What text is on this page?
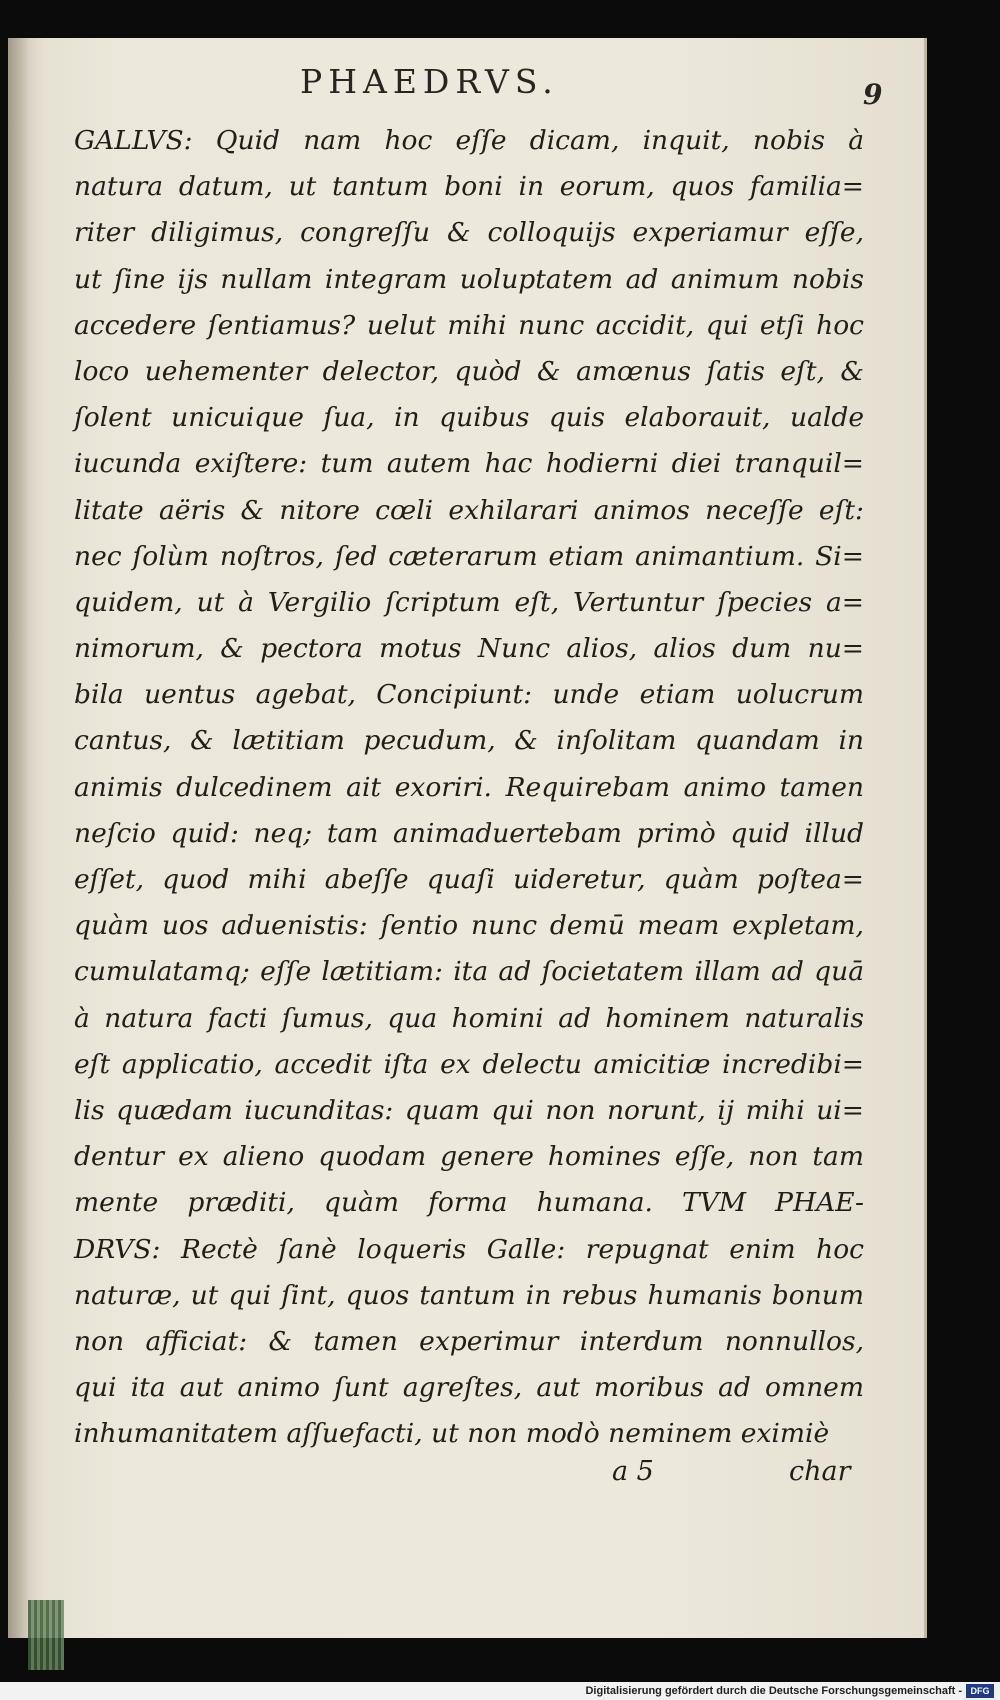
PHAEDRVS.	9
GALLVS: Quid nam hoc eſſe dicam, inquit, nobis à
natura datum, ut tantum boni in eorum, quos familia=
riter diligimus, congreſſu & colloquijs experiamur eſſe,
ut ſine ijs nullam integram uoluptatem ad animum nobis
accedere ſentiamus? uelut mihi nunc accidit, qui etſi hoc
loco uehementer delector, quòd & amœnus ſatis eſt, &
ſolent unicuique ſua, in quibus quis elaborauit, ualde
iucunda exiſtere: tum autem hac hodierni diei tranquil=
litate aëris & nitore cœli exhilarari animos neceſſe eſt:
nec ſolùm noſtros, ſed cæterarum etiam animantium. Si=
quidem, ut à Vergilio ſcriptum eſt, Vertuntur ſpecies a=
nimorum, & pectora motus Nunc alios, alios dum nu=
bila uentus agebat, Concipiunt: unde etiam uolucrum
cantus, & lætitiam pecudum, & inſolitam quandam in
animis dulcedinem ait exoriri. Requirebam animo tamen
neſcio quid: neq; tam animaduertebam primò quid illud
eſſet, quod mihi abeſſe quaſi uideretur, quàm poſtea=
quàm uos aduenistis: ſentio nunc demū meam expletam,
cumulatamq; eſſe lætitiam: ita ad ſocietatem illam ad quā
à natura facti ſumus, qua homini ad hominem naturalis
eſt applicatio, accedit iſta ex delectu amicitiæ incredibi=
lis quædam iucunditas: quam qui non norunt, ij mihi ui=
dentur ex alieno quodam genere homines eſſe, non tam
mente præditi, quàm forma humana. TVM PHAE-
DRVS: Rectè ſanè loqueris Galle: repugnat enim hoc
naturæ, ut qui ſint, quos tantum in rebus humanis bonum
non afficiat: & tamen experimur interdum nonnullos,
qui ita aut animo ſunt agreſtes, aut moribus ad omnem
inhumanitatem aſſuefacti, ut non modò neminem eximiè
a 5	char
Digitalisierung gefördert durch die Deutsche Forschungsgemeinschaft - DFG
